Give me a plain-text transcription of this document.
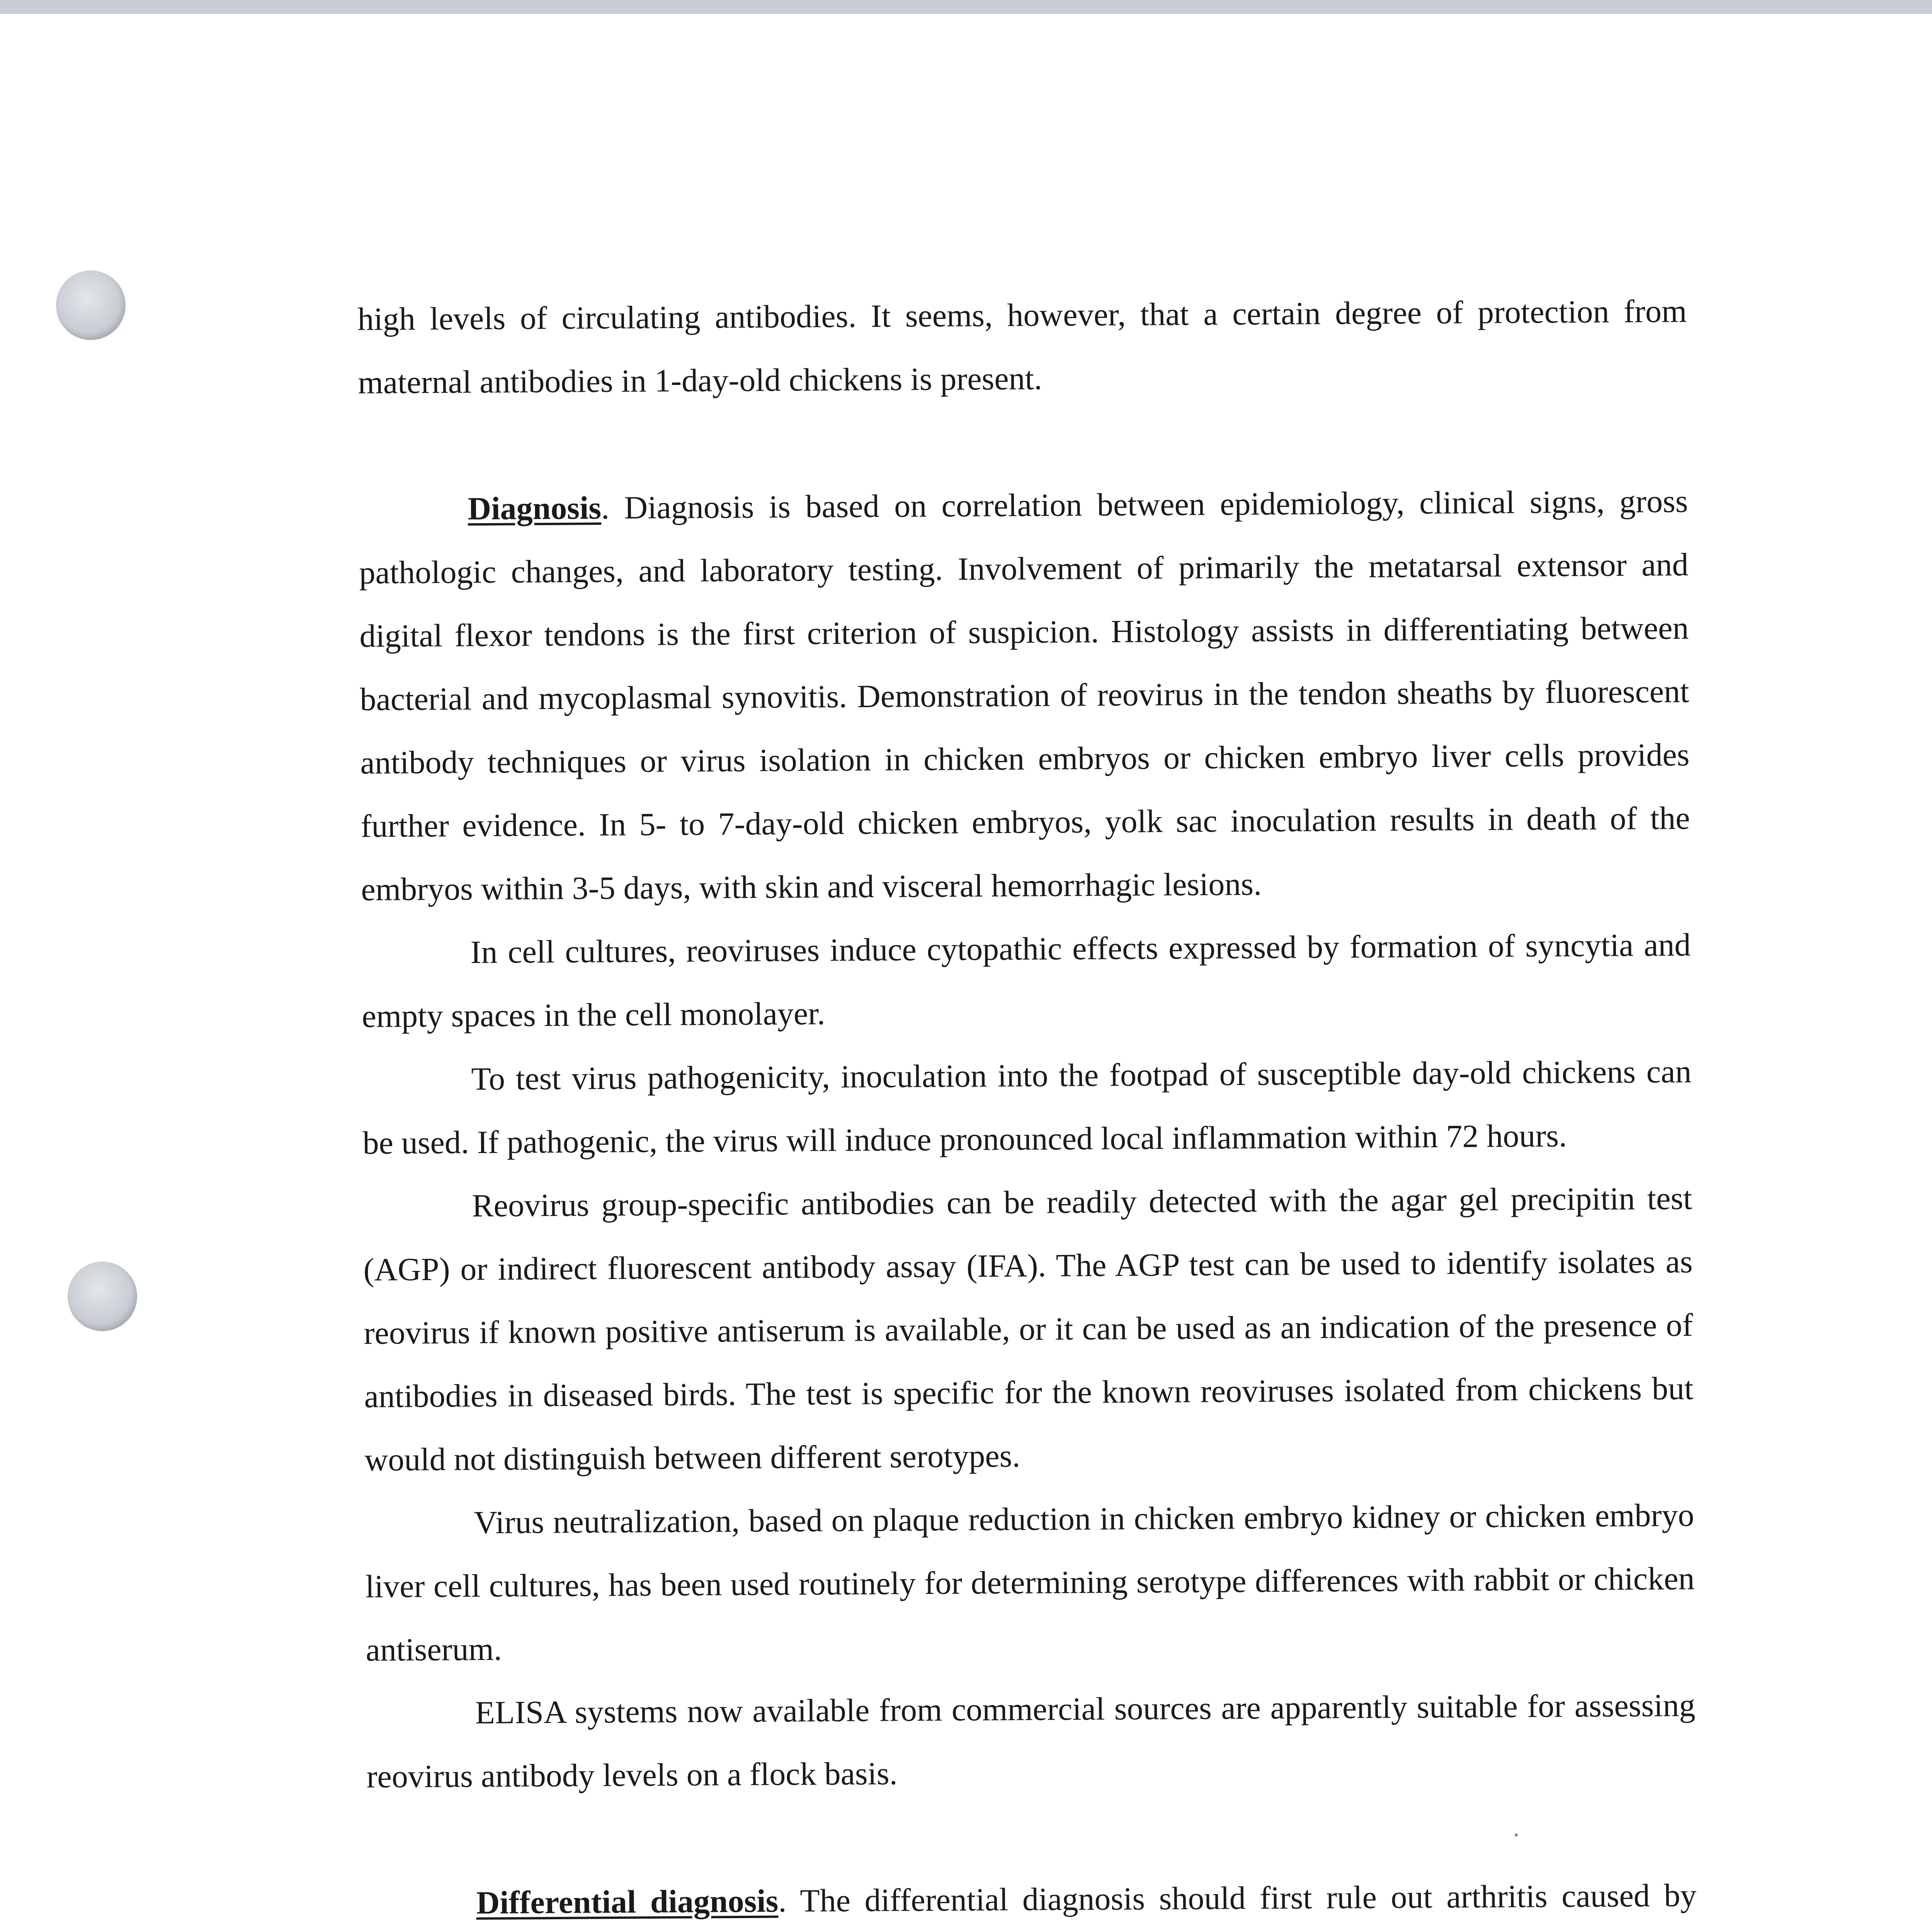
high levels of circulating antibodies. It seems, however, that a certain degree of protection from maternal antibodies in 1-day-old chickens is present.

Diagnosis. Diagnosis is based on correlation between epidemiology, clinical signs, gross pathologic changes, and laboratory testing. Involvement of primarily the metatarsal extensor and digital flexor tendons is the first criterion of suspicion. Histology assists in differentiating between bacterial and mycoplasmal synovitis. Demonstration of reovirus in the tendon sheaths by fluorescent antibody techniques or virus isolation in chicken embryos or chicken embryo liver cells provides further evidence. In 5- to 7-day-old chicken embryos, yolk sac inoculation results in death of the embryos within 3-5 days, with skin and visceral hemorrhagic lesions.

In cell cultures, reoviruses induce cytopathic effects expressed by formation of syncytia and empty spaces in the cell monolayer.

To test virus pathogenicity, inoculation into the footpad of susceptible day-old chickens can be used. If pathogenic, the virus will induce pronounced local inflammation within 72 hours.

Reovirus group-specific antibodies can be readily detected with the agar gel precipitin test (AGP) or indirect fluorescent antibody assay (IFA). The AGP test can be used to identify isolates as reovirus if known positive antiserum is available, or it can be used as an indication of the presence of antibodies in diseased birds. The test is specific for the known reoviruses isolated from chickens but would not distinguish between different serotypes.

Virus neutralization, based on plaque reduction in chicken embryo kidney or chicken embryo liver cell cultures, has been used routinely for determining serotype differences with rabbit or chicken antiserum.

ELISA systems now available from commercial sources are apparently suitable for assessing reovirus antibody levels on a flock basis.

Differential diagnosis. The differential diagnosis should first rule out arthritis caused by
